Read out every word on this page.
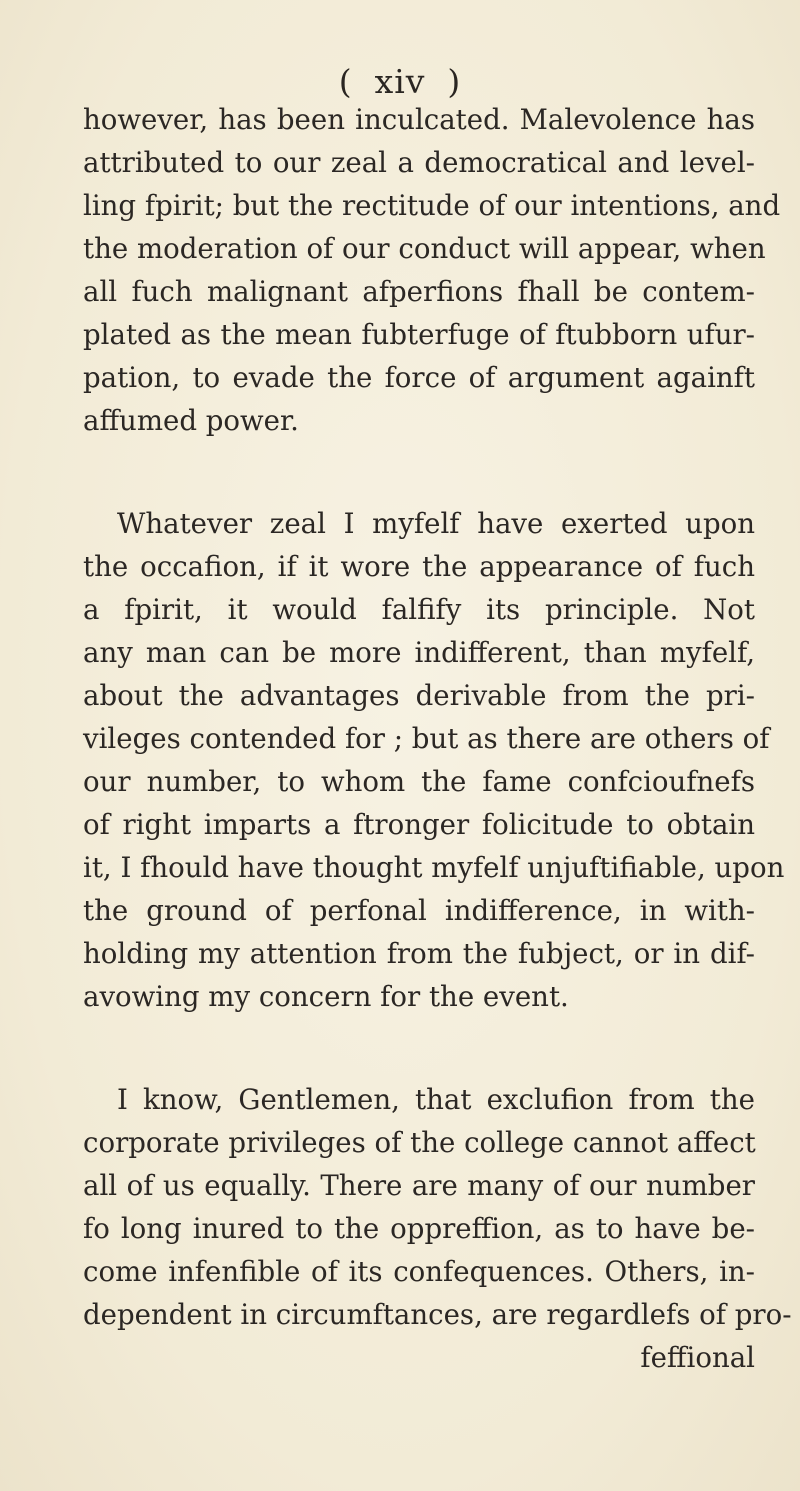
( xiv )
however, has been inculcated. Malevolence has
attributed to our zeal a democratical and level-
ling fpirit; but the rectitude of our intentions, and
the moderation of our conduct will appear, when
all fuch malignant afperfions fhall be contem-
plated as the mean fubterfuge of ftubborn ufur-
pation, to evade the force of argument againft
affumed power.
Whatever zeal I myfelf have exerted upon
the occafion, if it wore the appearance of fuch
a fpirit, it would falfify its principle. Not
any man can be more indifferent, than myfelf,
about the advantages derivable from the pri-
vileges contended for ; but as there are others of
our number, to whom the fame confcioufnefs
of right imparts a ftronger folicitude to obtain
it, I fhould have thought myfelf unjuftifiable, upon
the ground of perfonal indifference, in with-
holding my attention from the fubject, or in dif-
avowing my concern for the event.
I know, Gentlemen, that exclufion from the
corporate privileges of the college cannot affect
all of us equally. There are many of our number
fo long inured to the oppreffion, as to have be-
come infenfible of its confequences. Others, in-
dependent in circumftances, are regardlefs of pro-
feffional
